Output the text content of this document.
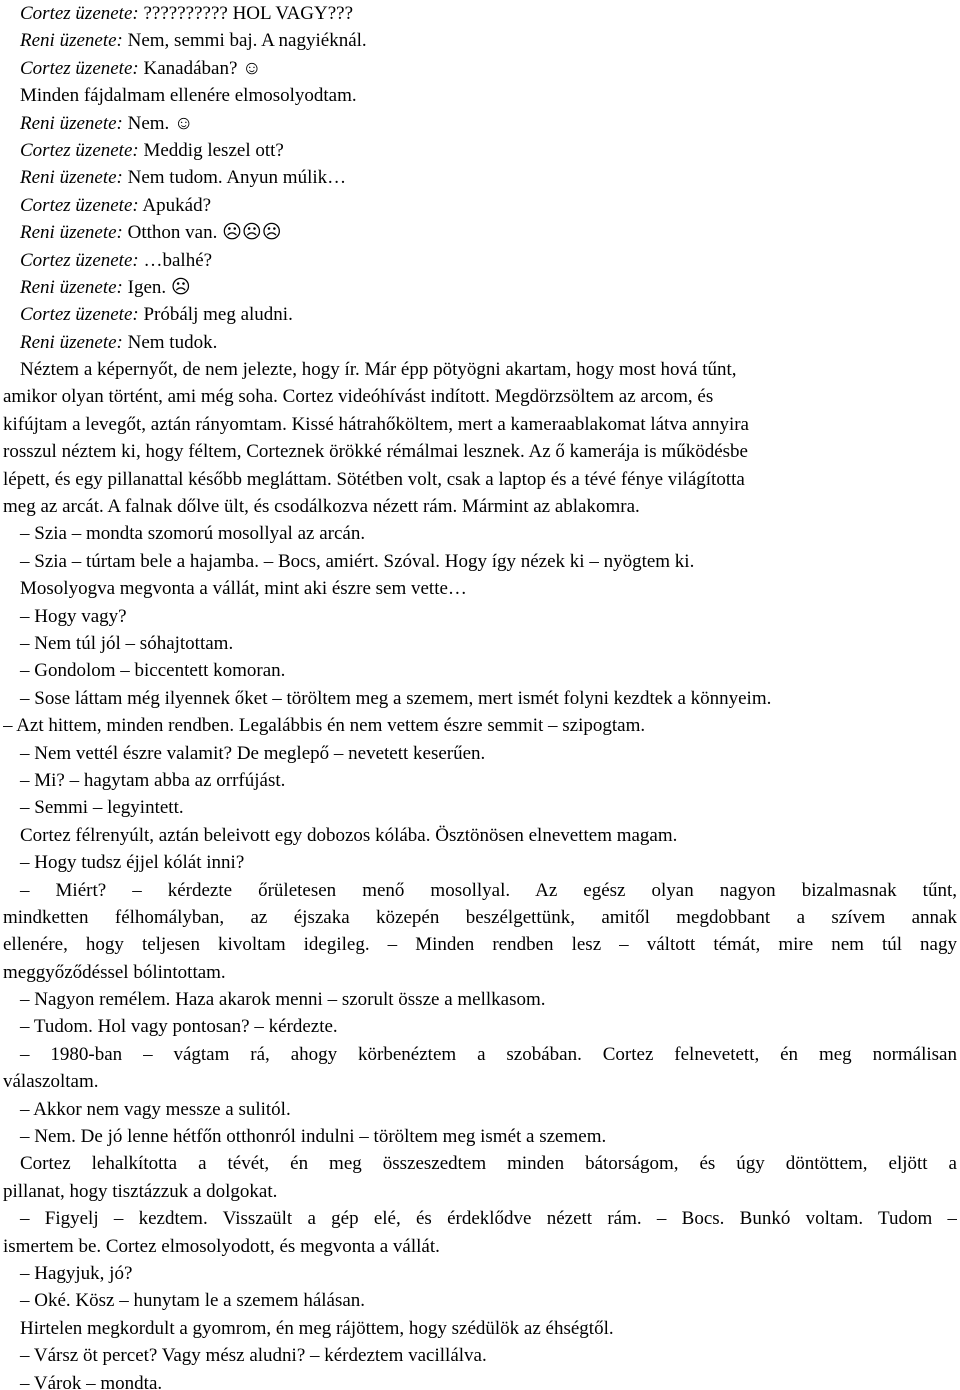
Cortez üzenete: ?????????? HOL VAGY???
Reni üzenete: Nem, semmi baj. A nagyiéknál.
Cortez üzenete: Kanadában? ☺
Minden fájdalmam ellenére elmosolyodtam.
Reni üzenete: Nem. ☺
Cortez üzenete: Meddig leszel ott?
Reni üzenete: Nem tudom. Anyun múlik…
Cortez üzenete: Apukád?
Reni üzenete: Otthon van. ☹☹☹
Cortez üzenete: …balhé?
Reni üzenete: Igen. ☹
Cortez üzenete: Próbálj meg aludni.
Reni üzenete: Nem tudok.
Néztem a képernyőt, de nem jelezte, hogy ír. Már épp pötyögni akartam, hogy most hová tűnt,
amikor olyan történt, ami még soha. Cortez videóhívást indított. Megdörzsöltem az arcom, és
kifújtam a levegőt, aztán rányomtam. Kissé hátrahőköltem, mert a kameraablakomat látva annyira
rosszul néztem ki, hogy féltem, Corteznek örökké rémálmai lesznek. Az ő kamerája is működésbe
lépett, és egy pillanattal később megláttam. Sötétben volt, csak a laptop és a tévé fénye világította
meg az arcát. A falnak dőlve ült, és csodálkozva nézett rám. Mármint az ablakomra.
– Szia – mondta szomorú mosollyal az arcán.
– Szia – túrtam bele a hajamba. – Bocs, amiért. Szóval. Hogy így nézek ki – nyögtem ki.
Mosolyogva megvonta a vállát, mint aki észre sem vette…
– Hogy vagy?
– Nem túl jól – sóhajtottam.
– Gondolom – biccentett komoran.
– Sose láttam még ilyennek őket – töröltem meg a szemem, mert ismét folyni kezdtek a könnyeim.
– Azt hittem, minden rendben. Legalábbis én nem vettem észre semmit – szipogtam.
– Nem vettél észre valamit? De meglepő – nevetett keserűen.
– Mi? – hagytam abba az orrfújást.
– Semmi – legyintett.
Cortez félrenyúlt, aztán beleivott egy dobozos kólába. Ösztönösen elnevettem magam.
– Hogy tudsz éjjel kólát inni?
– Miért? – kérdezte őrületesen menő mosollyal. Az egész olyan nagyon bizalmasnak tűnt,
mindketten félhomályban, az éjszaka közepén beszélgettünk, amitől megdobbant a szívem annak
ellenére, hogy teljesen kivoltam idegileg. – Minden rendben lesz – váltott témát, mire nem túl nagy
meggyőződéssel bólintottam.
– Nagyon remélem. Haza akarok menni – szorult össze a mellkasom.
– Tudom. Hol vagy pontosan? – kérdezte.
– 1980-ban – vágtam rá, ahogy körbenéztem a szobában. Cortez felnevetett, én meg normálisan
válaszoltam.
– Akkor nem vagy messze a sulitól.
– Nem. De jó lenne hétfőn otthonról indulni – töröltem meg ismét a szemem.
Cortez lehalkította a tévét, én meg összeszedtem minden bátorságom, és úgy döntöttem, eljött a
pillanat, hogy tisztázzuk a dolgokat.
– Figyelj – kezdtem. Visszaült a gép elé, és érdeklődve nézett rám. – Bocs. Bunkó voltam. Tudom –
ismertem be. Cortez elmosolyodott, és megvonta a vállát.
– Hagyjuk, jó?
– Oké. Kösz – hunytam le a szemem hálásan.
Hirtelen megkordult a gyomrom, én meg rájöttem, hogy szédülök az éhségtől.
– Vársz öt percet? Vagy mész aludni? – kérdeztem vacillálva.
– Várok – mondta.
